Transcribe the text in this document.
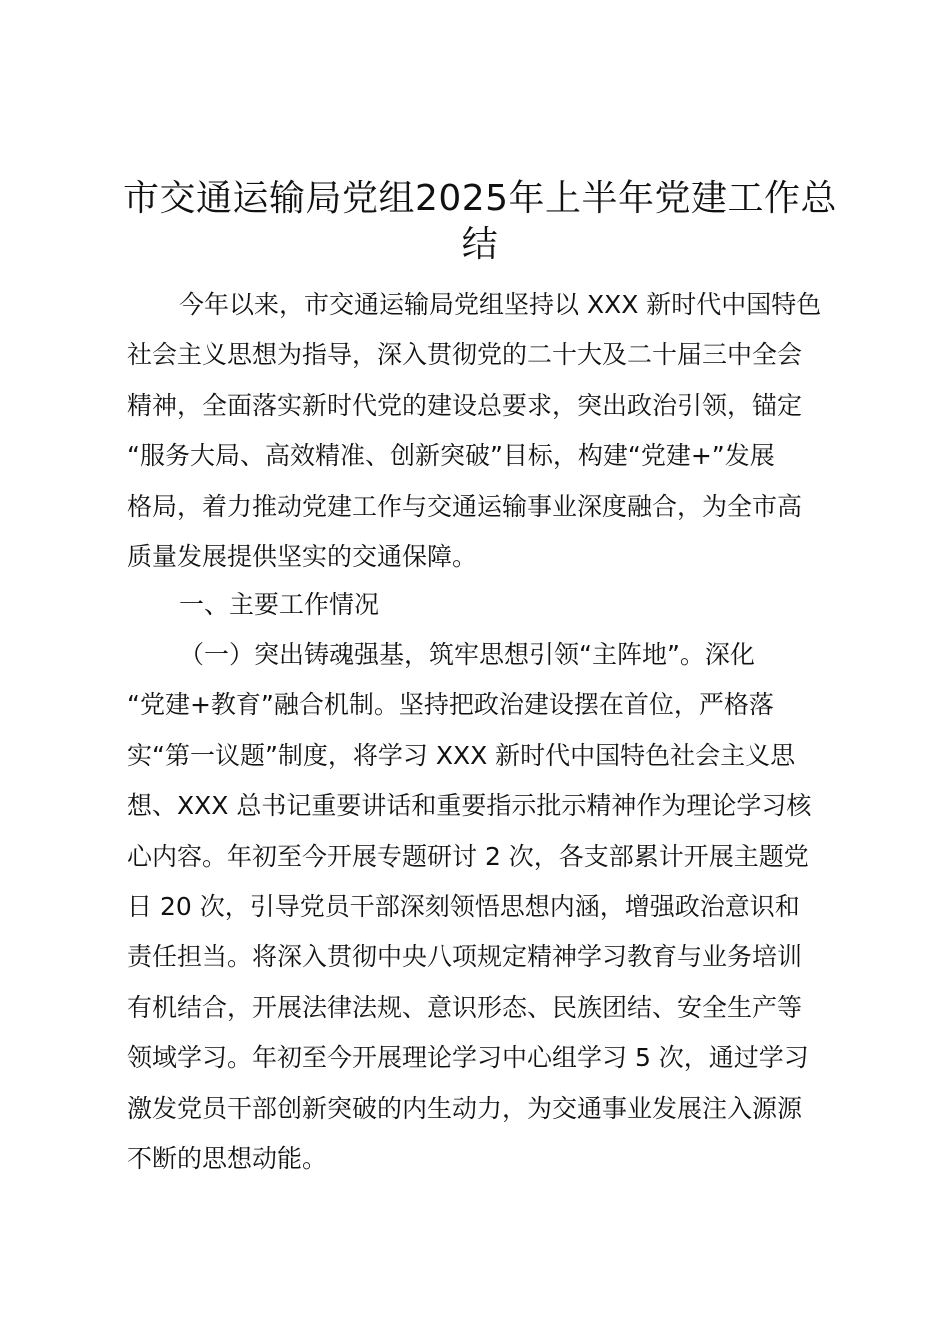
市交通运输局党组2025年上半年党建工作总
结

今年以来，市交通运输局党组坚持以 XXX 新时代中国特色
社会主义思想为指导，深入贯彻党的二十大及二十届三中全会
精神，全面落实新时代党的建设总要求，突出政治引领，锚定
“服务大局、高效精准、创新突破”目标，构建“党建+”发展
格局，着力推动党建工作与交通运输事业深度融合，为全市高
质量发展提供坚实的交通保障。

一、主要工作情况

（一）突出铸魂强基，筑牢思想引领“主阵地”。深化
“党建+教育”融合机制。坚持把政治建设摆在首位，严格落
实“第一议题”制度，将学习 XXX 新时代中国特色社会主义思
想、XXX 总书记重要讲话和重要指示批示精神作为理论学习核
心内容。年初至今开展专题研讨 2 次，各支部累计开展主题党
日 20 次，引导党员干部深刻领悟思想内涵，增强政治意识和
责任担当。将深入贯彻中央八项规定精神学习教育与业务培训
有机结合，开展法律法规、意识形态、民族团结、安全生产等
领域学习。年初至今开展理论学习中心组学习 5 次，通过学习
激发党员干部创新突破的内生动力，为交通事业发展注入源源
不断的思想动能。
